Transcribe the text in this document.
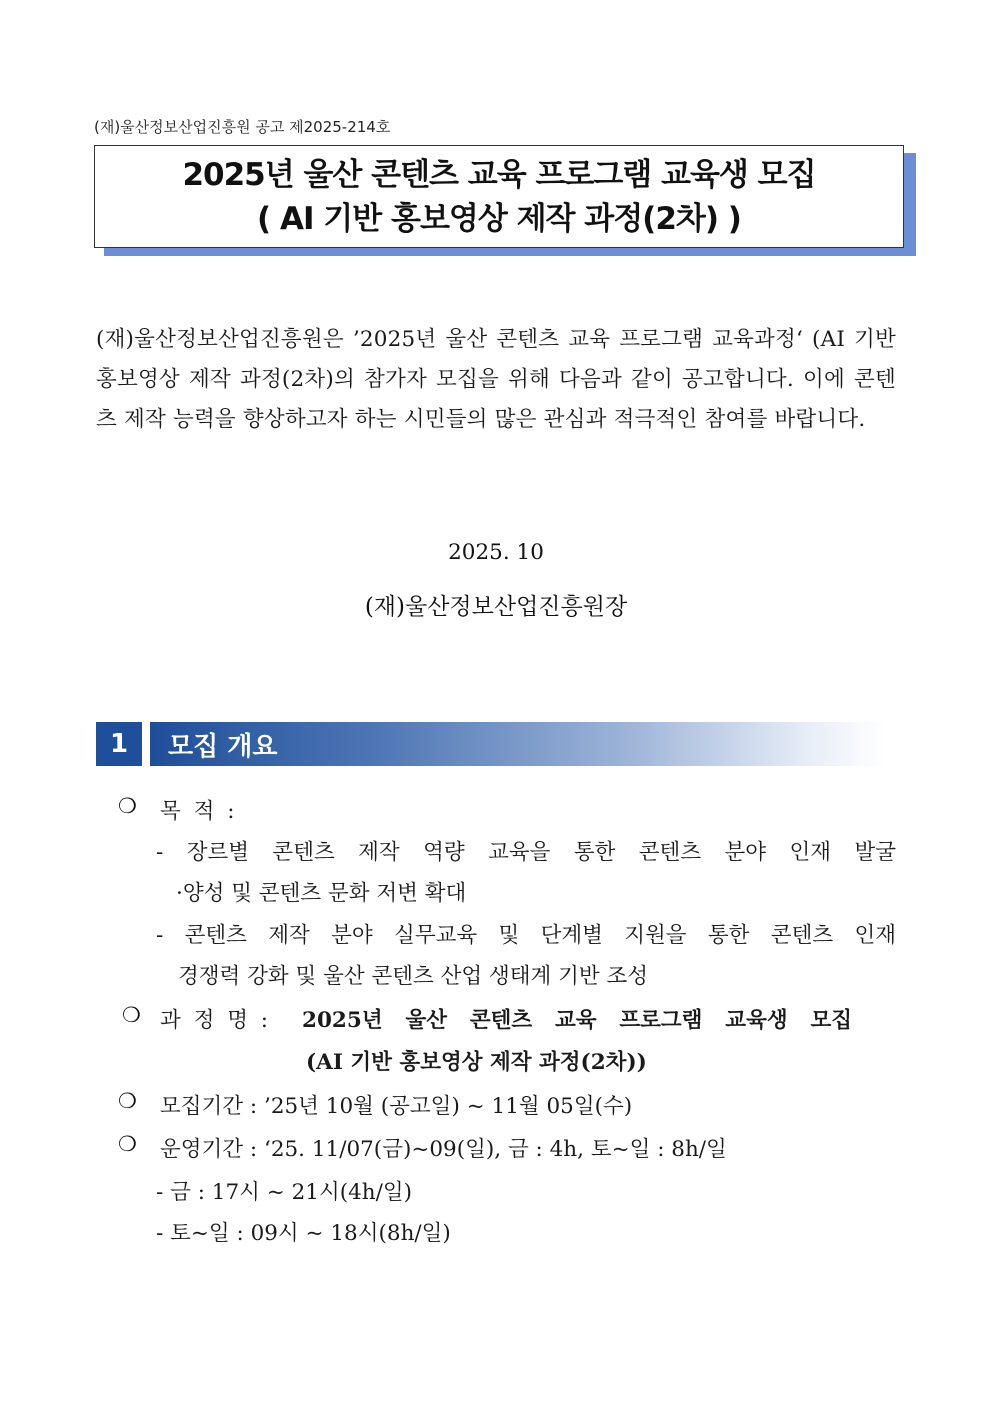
(재)울산정보산업진흥원 공고 제2025-214호
2025년 울산 콘텐츠 교육 프로그램 교육생 모집
( AI 기반 홍보영상 제작 과정(2차) )
(재)울산정보산업진흥원은 ’2025년 울산 콘텐츠 교육 프로그램 교육과정‘ (AI 기반 홍보영상 제작 과정(2차)의 참가자 모집을 위해 다음과 같이 공고합니다. 이에 콘텐츠 제작 능력을 향상하고자 하는 시민들의 많은 관심과 적극적인 참여를 바랍니다.
2025. 10
(재)울산정보산업진흥원장
1	모집 개요
❍ 목 적 :
- 장르별 콘텐츠 제작 역량 교육을 통한 콘텐츠 분야 인재 발굴
·양성 및 콘텐츠 문화 저변 확대
- 콘텐츠 제작 분야 실무교육 및 단계별 지원을 통한 콘텐츠 인재
경쟁력 강화 및 울산 콘텐츠 산업 생태계 기반 조성
❍ 과 정 명 : 2025년 울산 콘텐츠 교육 프로그램 교육생 모집
(AI 기반 홍보영상 제작 과정(2차))
❍ 모집기간 : ’25년 10월 (공고일) ~ 11월 05일(수)
❍ 운영기간 : ‘25. 11/07(금)~09(일), 금 : 4h, 토~일 : 8h/일
- 금 : 17시 ~ 21시(4h/일)
- 토~일 : 09시 ~ 18시(8h/일)
